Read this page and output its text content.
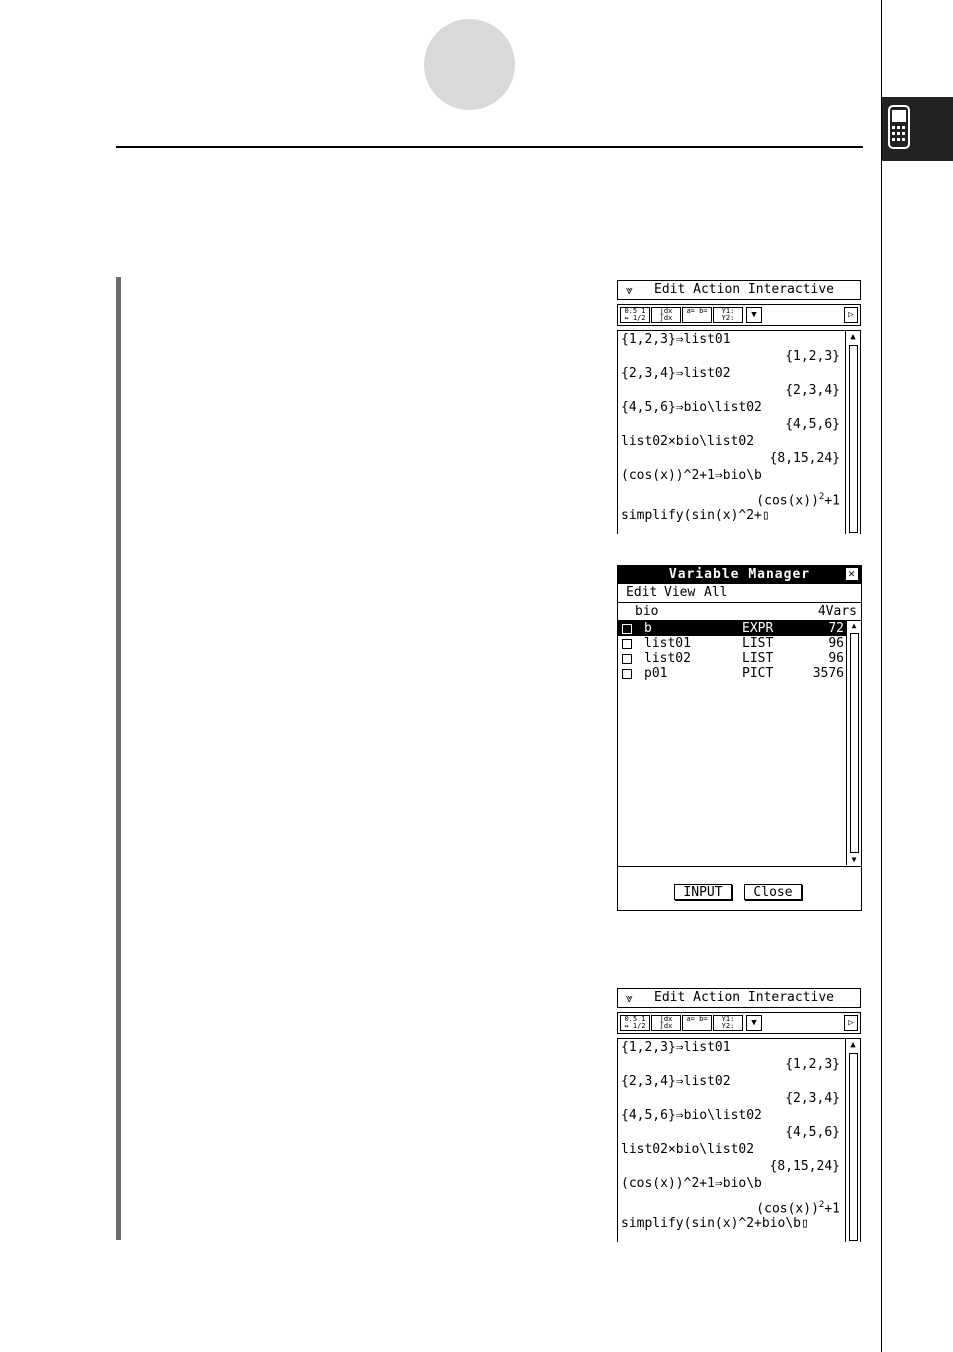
⩔ Edit Action Interactive
0.5 1 ↔ 1/2
∫dx ∫dx
a= b=	Y1: Y2:	▼	▷
▲
{1,2,3}⇒list01
{1,2,3}
{2,3,4}⇒list02
{2,3,4}
{4,5,6}⇒bio\list02
{4,5,6}
list02×bio\list02
{8,15,24}
(cos(x))^2+1⇒bio\b
$(\cos(x))^2+1$
simplify(sin(x)^2+▯
Variable Manager	✕
Edit View All
bio	4Vars
b	EXPR	72
list01	LIST	96
list02	LIST	96
p01	PICT	3576
▲
▼
INPUT	Close
⩔ Edit Action Interactive
0.5 1 ↔ 1/2
∫dx ∫dx
a= b=	Y1: Y2:	▼	▷
▲
{1,2,3}⇒list01
{1,2,3}
{2,3,4}⇒list02
{2,3,4}
{4,5,6}⇒bio\list02
{4,5,6}
list02×bio\list02
{8,15,24}
(cos(x))^2+1⇒bio\b
$(\cos(x))^2+1$
simplify(sin(x)^2+bio\b▯
